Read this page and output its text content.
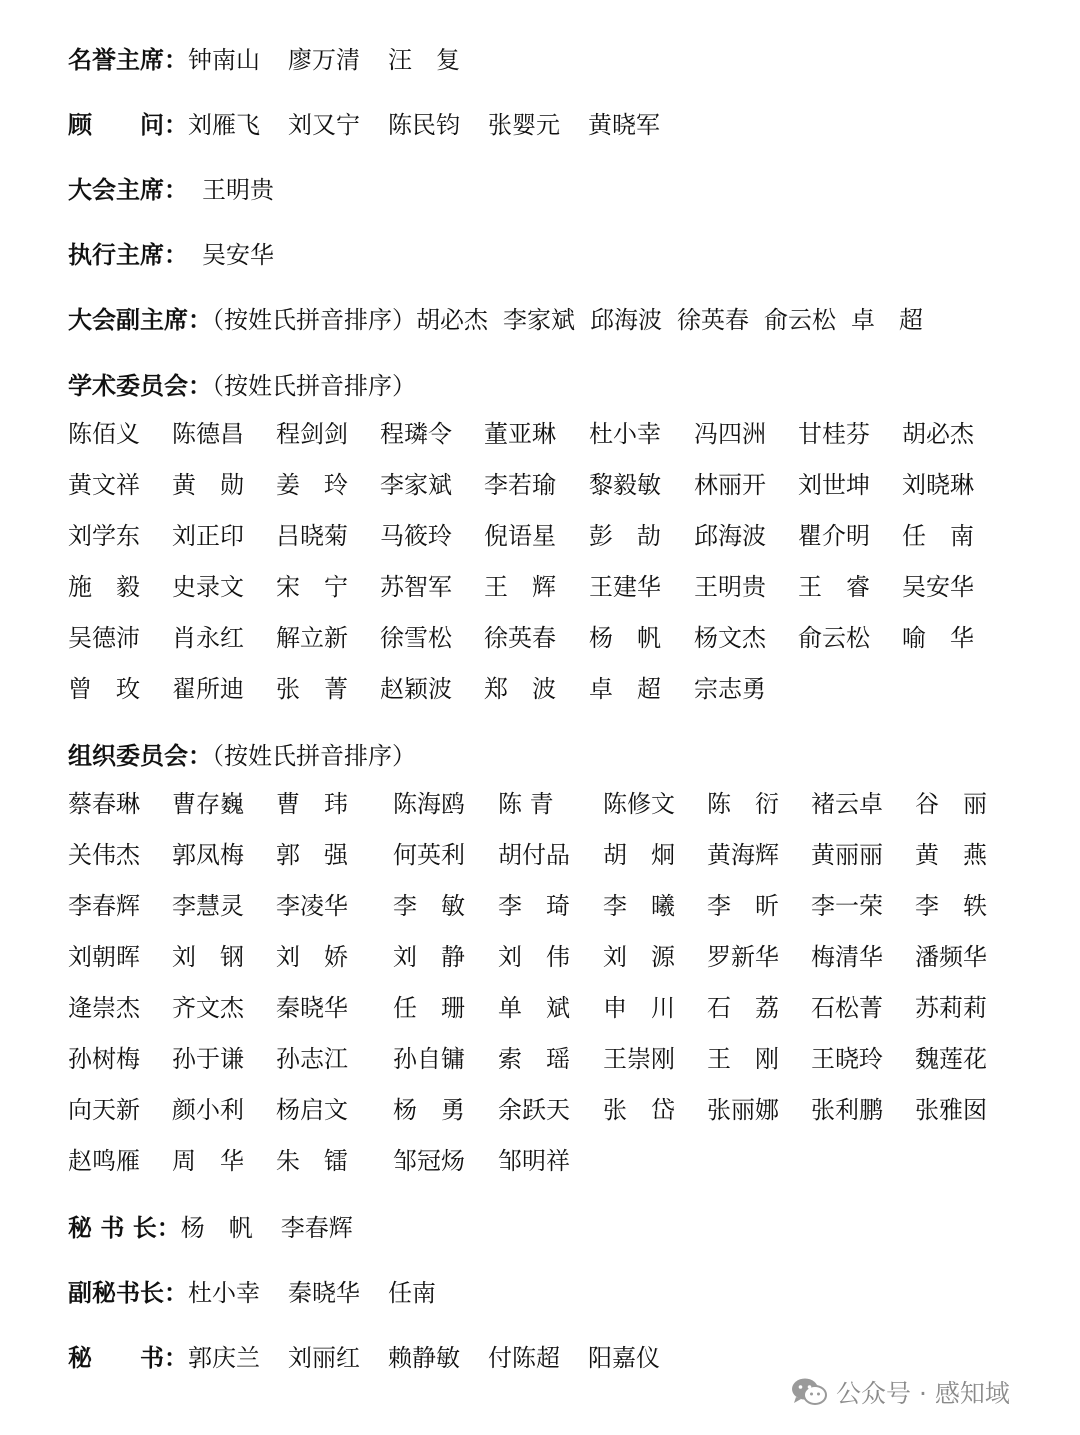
名誉主席：钟南山 廖万清 汪　复
顾　　问：刘雁飞 刘又宁 陈民钧 张婴元 黄晓军
大会主席： 王明贵
执行主席： 吴安华
大会副主席：（按姓氏拼音排序）胡必杰 李家斌 邱海波 徐英春 俞云松 卓　超
学术委员会：（按姓氏拼音排序）
组织委员会：（按姓氏拼音排序）
秘 书 长：杨　帆 李春辉
副秘书长：杜小幸 秦晓华 任南
秘　　书：郭庆兰 刘丽红 赖静敏 付陈超 阳嘉仪
公众号 · 感知域
陈佰义 陈德昌 程剑剑 程璘令 董亚琳 杜小幸 冯四洲 甘桂芬 胡必杰
黄文祥 黄　勋 姜　玲 李家斌 李若瑜 黎毅敏 林丽开 刘世坤 刘晓琳
刘学东 刘正印 吕晓菊 马筱玲 倪语星 彭　劼 邱海波 瞿介明 任　南
施　毅 史录文 宋　宁 苏智军 王　辉 王建华 王明贵 王　睿 吴安华
吴德沛 肖永红 解立新 徐雪松 徐英春 杨　帆 杨文杰 俞云松 喻　华
曾　玫 翟所迪 张　菁 赵颖波 郑　波 卓　超 宗志勇
蔡春琳 曹存巍 曹　玮 陈海鸥 陈 青 陈修文 陈　衍 褚云卓 谷　丽
关伟杰 郭凤梅 郭　强 何英利 胡付品 胡　炯 黄海辉 黄丽丽 黄　燕
李春辉 李慧灵 李凌华 李　敏 李　琦 李　曦 李　昕 李一荣 李　轶
刘朝晖 刘　钢 刘　娇 刘　静 刘　伟 刘　源 罗新华 梅清华 潘频华
逄崇杰 齐文杰 秦晓华 任　珊 单　斌 申　川 石　荔 石松菁 苏莉莉
孙树梅 孙于谦 孙志江 孙自镛 索　瑶 王崇刚 王　刚 王晓玲 魏莲花
向天新 颜小利 杨启文 杨　勇 余跃天 张　岱 张丽娜 张利鹏 张雅囡
赵鸣雁 周　华 朱　镭 邹冠炀 邹明祥
